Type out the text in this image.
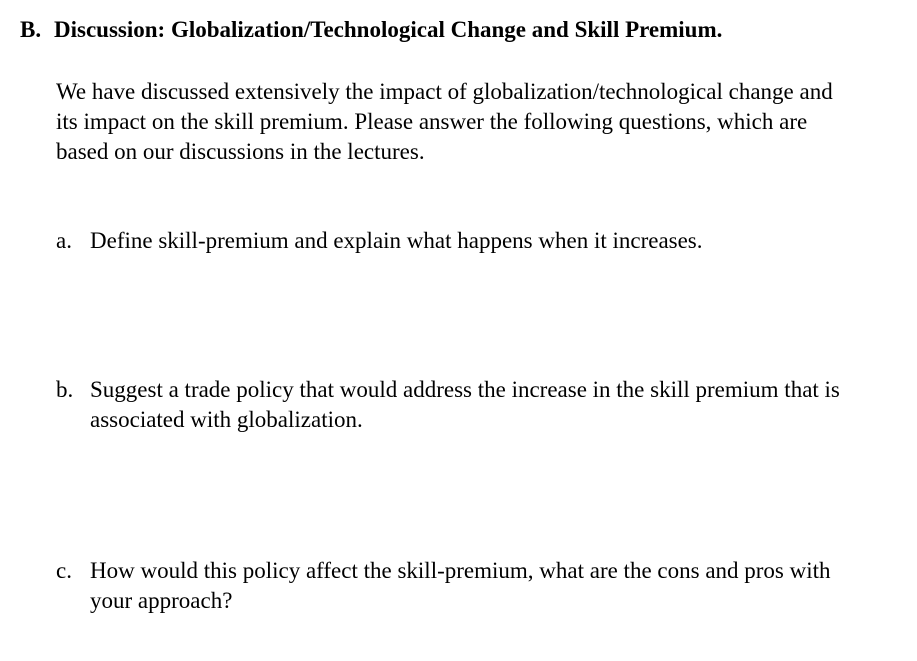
B. Discussion: Globalization/Technological Change and Skill Premium.
We have discussed extensively the impact of globalization/technological change and
its impact on the skill premium. Please answer the following questions, which are
based on our discussions in the lectures.
a. Define skill-premium and explain what happens when it increases.
b. Suggest a trade policy that would address the increase in the skill premium that is
associated with globalization.
c. How would this policy affect the skill-premium, what are the cons and pros with
your approach?
